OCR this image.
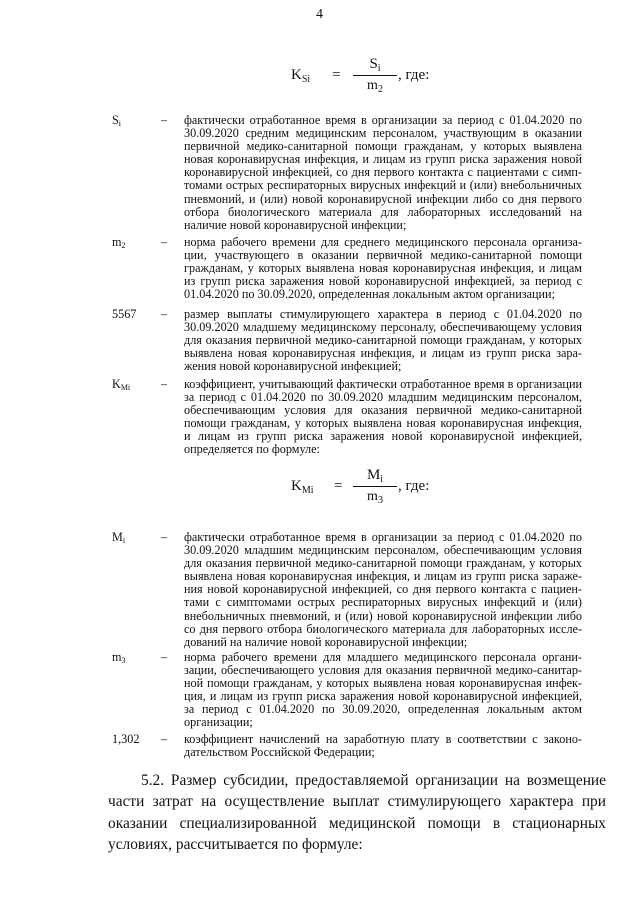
4
$K_{Si}$ =
$S_i$
$m_2$
, где:
$S_i$	– фактически отработанное время в организации за период с 01.04.2020 по
30.09.2020 средним медицинским персоналом, участвующим в оказании
первичной медико-санитарной помощи гражданам, у которых выявлена
новая коронавирусная инфекция, и лицам из групп риска заражения новой
коронавирусной инфекцией, со дня первого контакта с пациентами с симп-
томами острых респираторных вирусных инфекций и (или) внебольничных
пневмоний, и (или) новой коронавирусной инфекции либо со дня первого
отбора биологического материала для лабораторных исследований на
наличие новой коронавирусной инфекции;
$m_2$	– норма рабочего времени для среднего медицинского персонала организа-
ции, участвующего в оказании первичной медико-санитарной помощи
гражданам, у которых выявлена новая коронавирусная инфекция, и лицам
из групп риска заражения новой коронавирусной инфекцией, за период с
01.04.2020 по 30.09.2020, определенная локальным актом организации;
5567 – размер выплаты стимулирующего характера в период с 01.04.2020 по
30.09.2020 младшему медицинскому персоналу, обеспечивающему условия
для оказания первичной медико-санитарной помощи гражданам, у которых
выявлена новая коронавирусная инфекция, и лицам из групп риска зара-
жения новой коронавирусной инфекцией;
$K_{Mi}$	– коэффициент, учитывающий фактически отработанное время в организации
за период с 01.04.2020 по 30.09.2020 младшим медицинским персоналом,
обеспечивающим условия для оказания первичной медико-санитарной
помощи гражданам, у которых выявлена новая коронавирусная инфекция,
и лицам из групп риска заражения новой коронавирусной инфекцией,
определяется по формуле:
$K_{Mi}$ =
$M_i$
$m_3$
, где:
$M_i$	– фактически отработанное время в организации за период с 01.04.2020 по
30.09.2020 младшим медицинским персоналом, обеспечивающим условия
для оказания первичной медико-санитарной помощи гражданам, у которых
выявлена новая коронавирусная инфекция, и лицам из групп риска зараже-
ния новой коронавирусной инфекцией, со дня первого контакта с пациен-
тами с симптомами острых респираторных вирусных инфекций и (или)
внебольничных пневмоний, и (или) новой коронавирусной инфекции либо
со дня первого отбора биологического материала для лабораторных иссле-
дований на наличие новой коронавирусной инфекции;
$m_3$	– норма рабочего времени для младшего медицинского персонала органи-
зации, обеспечивающего условия для оказания первичной медико-санитар-
ной помощи гражданам, у которых выявлена новая коронавирусная инфек-
ция, и лицам из групп риска заражения новой коронавирусной инфекцией,
за период с 01.04.2020 по 30.09.2020, определенная локальным актом
организации;
1,302 – коэффициент начислений на заработную плату в соответствии с законо-
дательством Российской Федерации;
5.2. Размер субсидии, предоставляемой организации на возмещение
части затрат на осуществление выплат стимулирующего характера при
оказании специализированной медицинской помощи в стационарных
условиях, рассчитывается по формуле:
